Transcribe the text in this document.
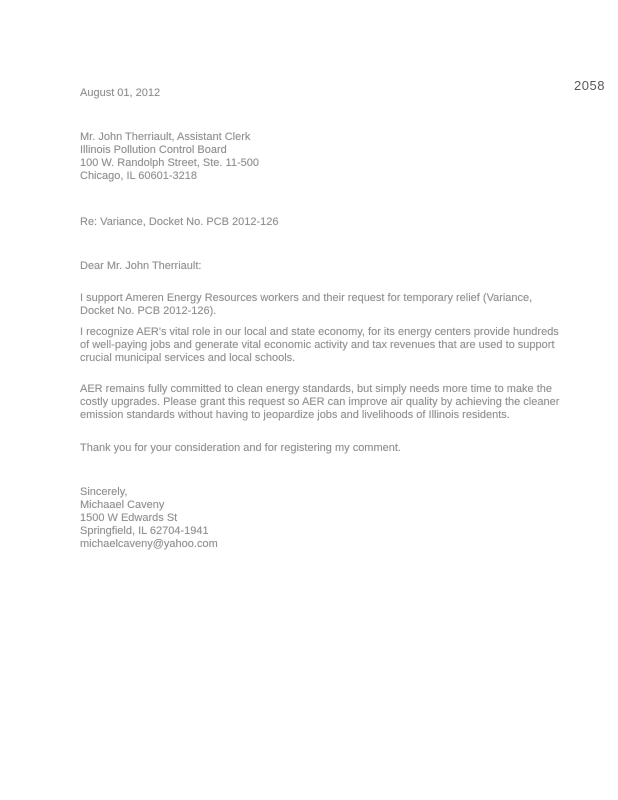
2058
August 01, 2012
Mr. John Therriault, Assistant Clerk
Illinois Pollution Control Board
100 W. Randolph Street, Ste. 11-500
Chicago, IL 60601-3218
Re: Variance, Docket No. PCB 2012-126
Dear Mr. John Therriault:

I support Ameren Energy Resources workers and their request for temporary relief (Variance, Docket No. PCB 2012-126).

I recognize AER's vital role in our local and state economy, for its energy centers provide hundreds of well-paying jobs and generate vital economic activity and tax revenues that are used to support crucial municipal services and local schools.

AER remains fully committed to clean energy standards, but simply needs more time to make the costly upgrades. Please grant this request so AER can improve air quality by achieving the cleaner emission standards without having to jeopardize jobs and livelihoods of Illinois residents.

Thank you for your consideration and for registering my comment.
Sincerely,
Michaael Caveny
1500 W Edwards St
Springfield, IL 62704-1941
michaelcaveny@yahoo.com
